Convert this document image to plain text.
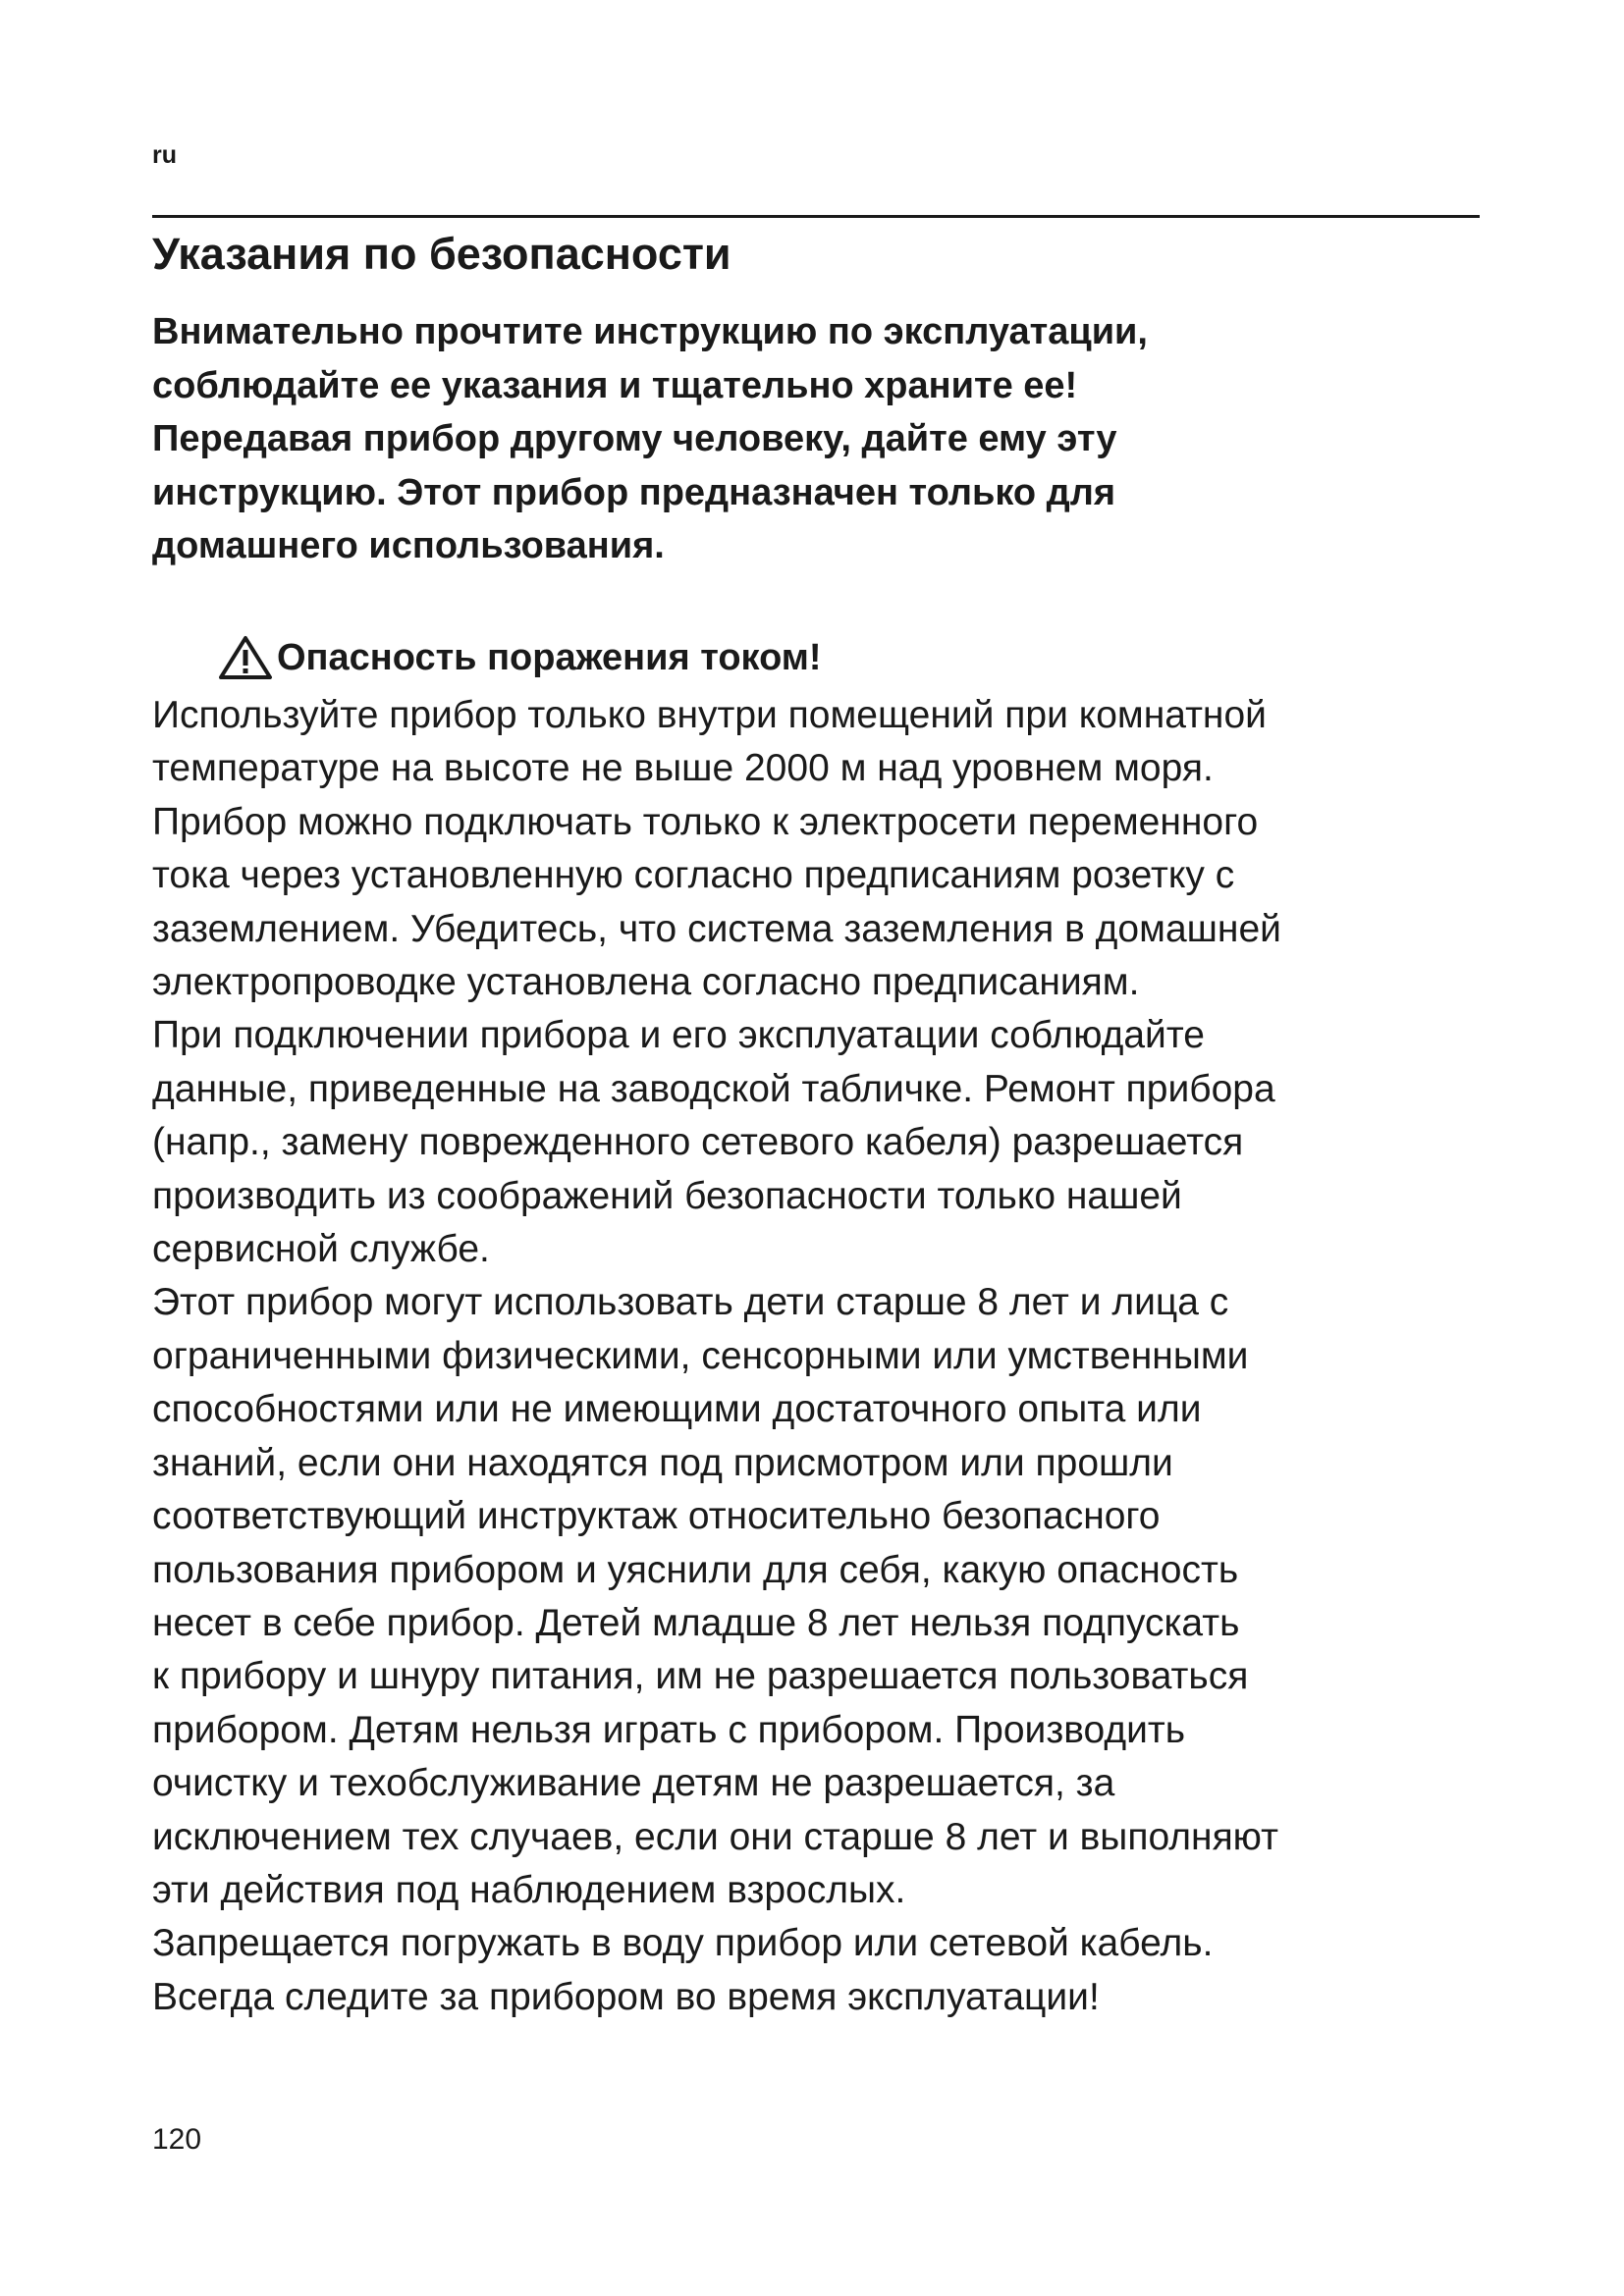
ru
Указания по безопасности
Внимательно прочтите инструкцию по эксплуатации,
соблюдайте ее указания и тщательно храните ее!
Передавая прибор другому человеку, дайте ему эту
инструкцию. Этот прибор предназначен только для
домашнего использования.
Опасность поражения током!
Используйте прибор только внутри помещений при комнатной
температуре на высоте не выше 2000 м над уровнем моря.
Прибор можно подключать только к электросети переменного
тока через установленную согласно предписаниям розетку с
заземлением. Убедитесь, что система заземления в домашней
электропроводке установлена согласно предписаниям.
При подключении прибора и его эксплуатации соблюдайте
данные, приведенные на заводской табличке. Ремонт прибора
(напр., замену поврежденного сетевого кабеля) разрешается
производить из соображений безопасности только нашей
сервисной службе.
Этот прибор могут использовать дети старше 8 лет и лица с
ограниченными физическими, сенсорными или умственными
способностями или не имеющими достаточного опыта или
знаний, если они находятся под присмотром или прошли
соответствующий инструктаж относительно безопасного
пользования прибором и уяснили для себя, какую опасность
несет в себе прибор. Детей младше 8 лет нельзя подпускать
к прибору и шнуру питания, им не разрешается пользоваться
прибором. Детям нельзя играть с прибором. Производить
очистку и техобслуживание детям не разрешается, за
исключением тех случаев, если они старше 8 лет и выполняют
эти действия под наблюдением взрослых.
Запрещается погружать в воду прибор или сетевой кабель.
Всегда следите за прибором во время эксплуатации!
120
